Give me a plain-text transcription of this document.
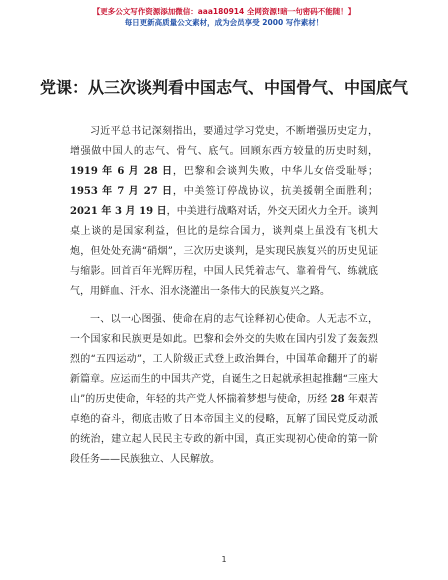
【更多公文写作资源添加微信：aaa180914 全网资源!暗一句密码不能随！】
每日更新高质量公文素材，成为会员享受 2000 写作素材！
党课：从三次谈判看中国志气、中国骨气、中国底气

习近平总书记深刻指出，要通过学习党史，不断增强历史定力，增强做中国人的志气、骨气、底气。回顾东西方较量的历史时刻，1919 年 6 月 28 日，巴黎和会谈判失败，中华儿女倍受耻辱；1953 年 7 月 27 日，中美签订停战协议，抗美援朝全面胜利；2021 年 3 月 19 日，中美进行战略对话，外交天团火力全开。谈判桌上谈的是国家利益，但比的是综合国力，谈判桌上虽没有飞机大炮，但处处充满“硝烟”，三次历史谈判，是实现民族复兴的历史见证与缩影。回首百年光辉历程，中国人民凭着志气、靠着骨气、练就底气，用鲜血、汗水、泪水浇灌出一条伟大的民族复兴之路。

一、以一心图强、使命在肩的志气诠释初心使命。人无志不立，一个国家和民族更是如此。巴黎和会外交的失败在国内引发了轰轰烈烈的“五四运动”，工人阶级正式登上政治舞台，中国革命翻开了的崭新篇章。应运而生的中国共产党，自诞生之日起就承担起推翻“三座大山”的历史使命，年轻的共产党人怀揣着梦想与使命，历经 28 年艰苦卓绝的奋斗，彻底击败了日本帝国主义的侵略，瓦解了国民党反动派的统治，建立起人民民主专政的新中国，真正实现初心使命的第一阶段任务——民族独立、人民解放。

1
